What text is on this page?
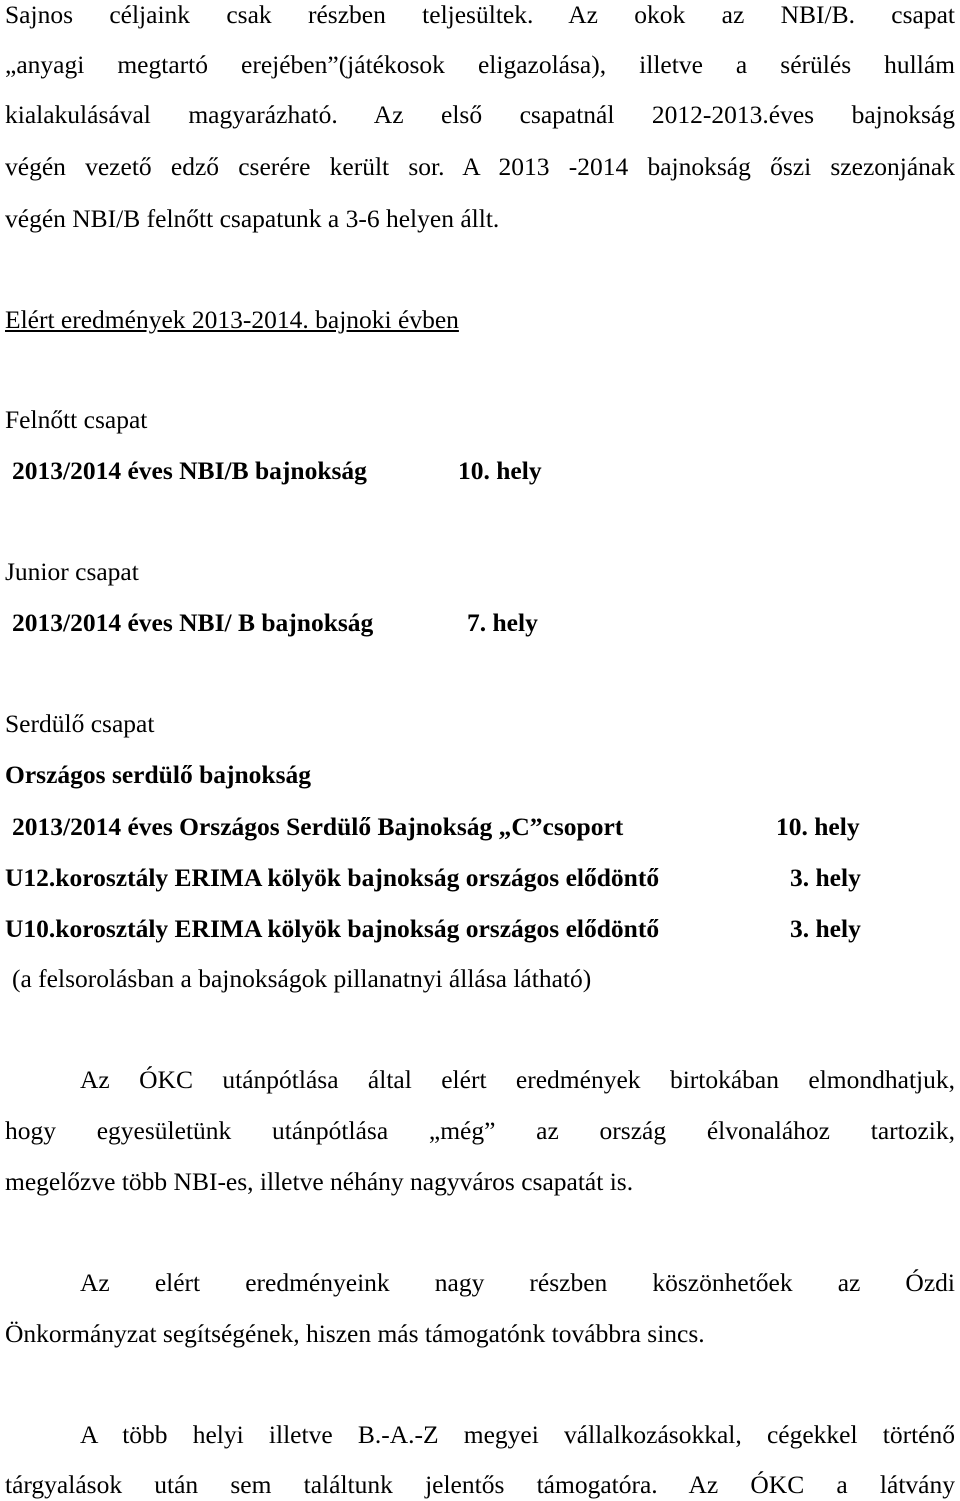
Sajnos céljaink csak részben teljesültek. Az okok az NBI/B. csapat
„anyagi megtartó erejében”(játékosok eligazolása), illetve a sérülés hullám
kialakulásával magyarázható. Az első csapatnál 2012-2013.éves bajnokság
végén vezető edző cserére került sor. A 2013 -2014 bajnokság őszi szezonjának
végén NBI/B felnőtt csapatunk a 3-6 helyen állt.
Elért eredmények 2013-2014. bajnoki évben
Felnőtt csapat
2013/2014 éves NBI/B bajnokság	10. hely
Junior csapat
2013/2014 éves NBI/ B bajnokság	7. hely
Serdülő csapat
Országos serdülő bajnokság
2013/2014 éves Országos Serdülő Bajnokság „C”csoport	10. hely
U12.korosztály ERIMA kölyök bajnokság országos elődöntő	3. hely
U10.korosztály ERIMA kölyök bajnokság országos elődöntő	3. hely
(a felsorolásban a bajnokságok pillanatnyi állása látható)
Az ÓKC utánpótlása által elért eredmények birtokában elmondhatjuk,
hogy egyesületünk utánpótlása „még” az ország élvonalához tartozik,
megelőzve több NBI-es, illetve néhány nagyváros csapatát is.
Az elért eredményeink nagy részben köszönhetőek az Ózdi
Önkormányzat segítségének, hiszen más támogatónk továbbra sincs.
A több helyi illetve B.-A.-Z megyei vállalkozásokkal, cégekkel történő
tárgyalások után sem találtunk jelentős támogatóra. Az ÓKC a látvány
